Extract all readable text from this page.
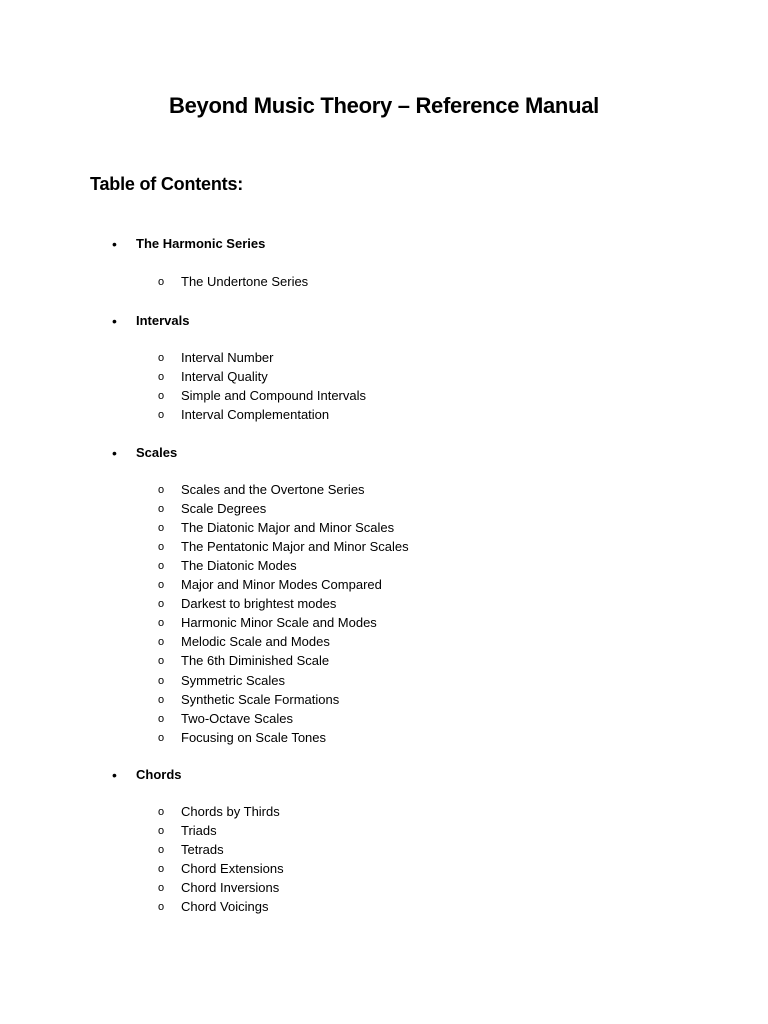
Beyond Music Theory – Reference Manual
Table of Contents:
• The Harmonic Series
o The Undertone Series
• Intervals
o Interval Number
o Interval Quality
o Simple and Compound Intervals
o Interval Complementation
• Scales
o Scales and the Overtone Series
o Scale Degrees
o The Diatonic Major and Minor Scales
o The Pentatonic Major and Minor Scales
o The Diatonic Modes
o Major and Minor Modes Compared
o Darkest to brightest modes
o Harmonic Minor Scale and Modes
o Melodic Scale and Modes
o The 6th Diminished Scale
o Symmetric Scales
o Synthetic Scale Formations
o Two-Octave Scales
o Focusing on Scale Tones
• Chords
o Chords by Thirds
o Triads
o Tetrads
o Chord Extensions
o Chord Inversions
o Chord Voicings
